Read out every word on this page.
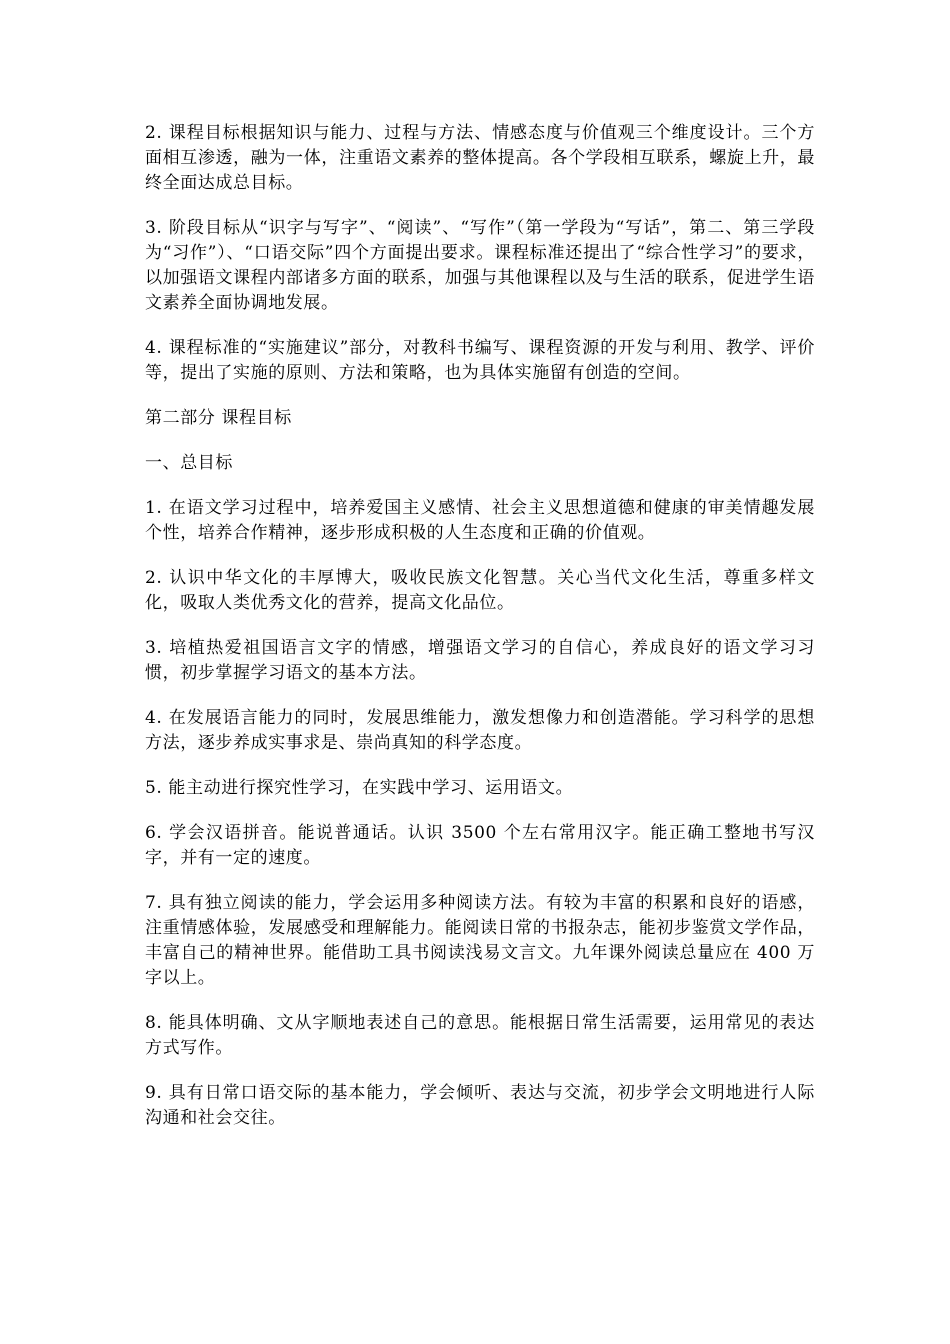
2. 课程目标根据知识与能力、过程与方法、情感态度与价值观三个维度设计。三个方面相互渗透，融为一体，注重语文素养的整体提高。各个学段相互联系，螺旋上升，最终全面达成总目标。

3. 阶段目标从“识字与写字”、“阅读”、“写作”（第一学段为“写话”，第二、第三学段为“习作”）、“口语交际”四个方面提出要求。课程标准还提出了“综合性学习”的要求，以加强语文课程内部诸多方面的联系，加强与其他课程以及与生活的联系，促进学生语文素养全面协调地发展。

4. 课程标准的“实施建议”部分，对教科书编写、课程资源的开发与利用、教学、评价等，提出了实施的原则、方法和策略，也为具体实施留有创造的空间。

第二部分 课程目标

一、总目标

1. 在语文学习过程中，培养爱国主义感情、社会主义思想道德和健康的审美情趣发展个性，培养合作精神，逐步形成积极的人生态度和正确的价值观。

2. 认识中华文化的丰厚博大，吸收民族文化智慧。关心当代文化生活，尊重多样文化，吸取人类优秀文化的营养，提高文化品位。

3. 培植热爱祖国语言文字的情感，增强语文学习的自信心，养成良好的语文学习习惯，初步掌握学习语文的基本方法。

4. 在发展语言能力的同时，发展思维能力，激发想像力和创造潜能。学习科学的思想方法，逐步养成实事求是、崇尚真知的科学态度。

5. 能主动进行探究性学习，在实践中学习、运用语文。

6. 学会汉语拼音。能说普通话。认识 3500 个左右常用汉字。能正确工整地书写汉字，并有一定的速度。

7. 具有独立阅读的能力，学会运用多种阅读方法。有较为丰富的积累和良好的语感，注重情感体验，发展感受和理解能力。能阅读日常的书报杂志，能初步鉴赏文学作品，丰富自己的精神世界。能借助工具书阅读浅易文言文。九年课外阅读总量应在 400 万字以上。

8. 能具体明确、文从字顺地表述自己的意思。能根据日常生活需要，运用常见的表达方式写作。

9. 具有日常口语交际的基本能力，学会倾听、表达与交流，初步学会文明地进行人际沟通和社会交往。
